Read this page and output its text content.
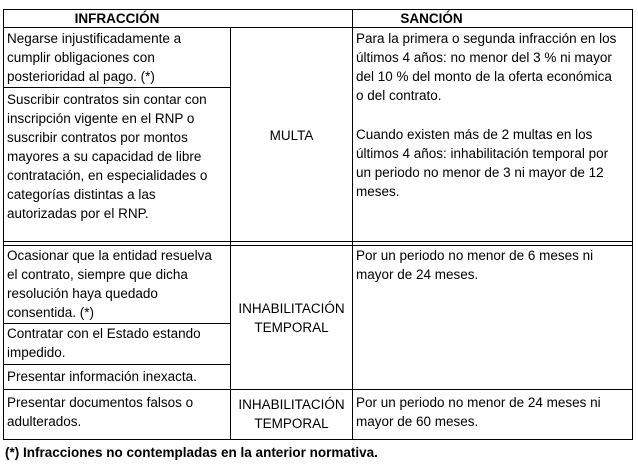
INFRACCIÓN	SANCIÓN
Negarse injustificadamente a
cumplir obligaciones con
posterioridad al pago. (*)
Suscribir contratos sin contar con
inscripción vigente en el RNP o
suscribir contratos por montos
mayores a su capacidad de libre
contratación, en especialidades o
categorías distintas a las
autorizadas por el RNP.
MULTA
Para la primera o segunda infracción en los
últimos 4 años: no menor del 3 % ni mayor
del 10 % del monto de la oferta económica
o del contrato.
Cuando existen más de 2 multas en los
últimos 4 años: inhabilitación temporal por
un periodo no menor de 3 ni mayor de 12
meses.
Ocasionar que la entidad resuelva
el contrato, siempre que dicha
resolución haya quedado
consentida. (*)
Contratar con el Estado estando
impedido.
Presentar información inexacta.
INHABILITACIÓN
TEMPORAL
Por un periodo no menor de 6 meses ni
mayor de 24 meses.
Presentar documentos falsos o
adulterados.
INHABILITACIÓN
TEMPORAL
Por un periodo no menor de 24 meses ni
mayor de 60 meses.
(*) Infracciones no contempladas en la anterior normativa.
